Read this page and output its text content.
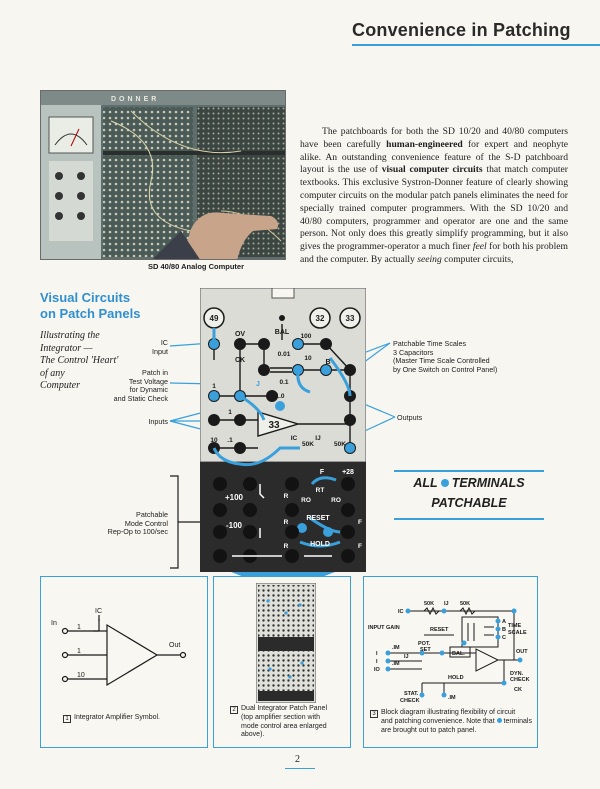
Convenience in Patching
DONNER
SD 40/80 Analog Computer

The patchboards for both the SD 10/20 and 40/80 computers have been carefully human-engineered for expert and neophyte alike. An outstanding convenience feature of the S-D patchboard layout is the use of visual computer circuits that match computer textbooks. This exclusive Systron-Donner feature of clearly showing computer circuits on the modular patch panels eliminates the need for specially trained computer programmers. With the SD 10/20 and 40/80 computers, programmer and operator are one and the same person. Not only does this greatly simplify programming, but it also gives the programmer-operator a much finer feel for both his problem and the computer. By actually seeing computer circuits,

Visual Circuits
on Patch Panels
Illustrating the
Integrator —
The Control 'Heart'
of any
Computer
IC
Input
Patch in
Test Voltage
for Dynamic
and Static Check
Inputs
Patchable
Mode Control
Rep-Op to 100/sec
Patchable Time Scales
3 Capacitors
(Master Time Scale Controlled
by One Switch on Control Panel)
Outputs
49	32	33
BAL
OV
CK
100
0.01
10
0.1
1.0
B
33
1
1
10 .1	IC	IJ
50K	50K
J
F	+28
RT
RO	RO
RESET
R
R	F
+100
-100
R	F
HOLD
ALL TERMINALS
PATCHABLE
In
IC
1
1
10
Out
1 Integrator Amplifier Symbol.
2 Dual Integrator Patch Panel
(top amplifier section with
mode control area enlarged
above).
IC
50K IJ 50K
INPUT GAIN	RESET
.IM
.IM
IJ
POT.
SET
I
I
IO
BAL.
TIME
SCALE
OUT
DYN.
CHECK
CK
HOLD
STAT.
CHECK	.IM
A
B
C
3 Block diagram illustrating flexibility of circuit
and patching convenience. Note that terminals
are brought out to patch panel.
2
